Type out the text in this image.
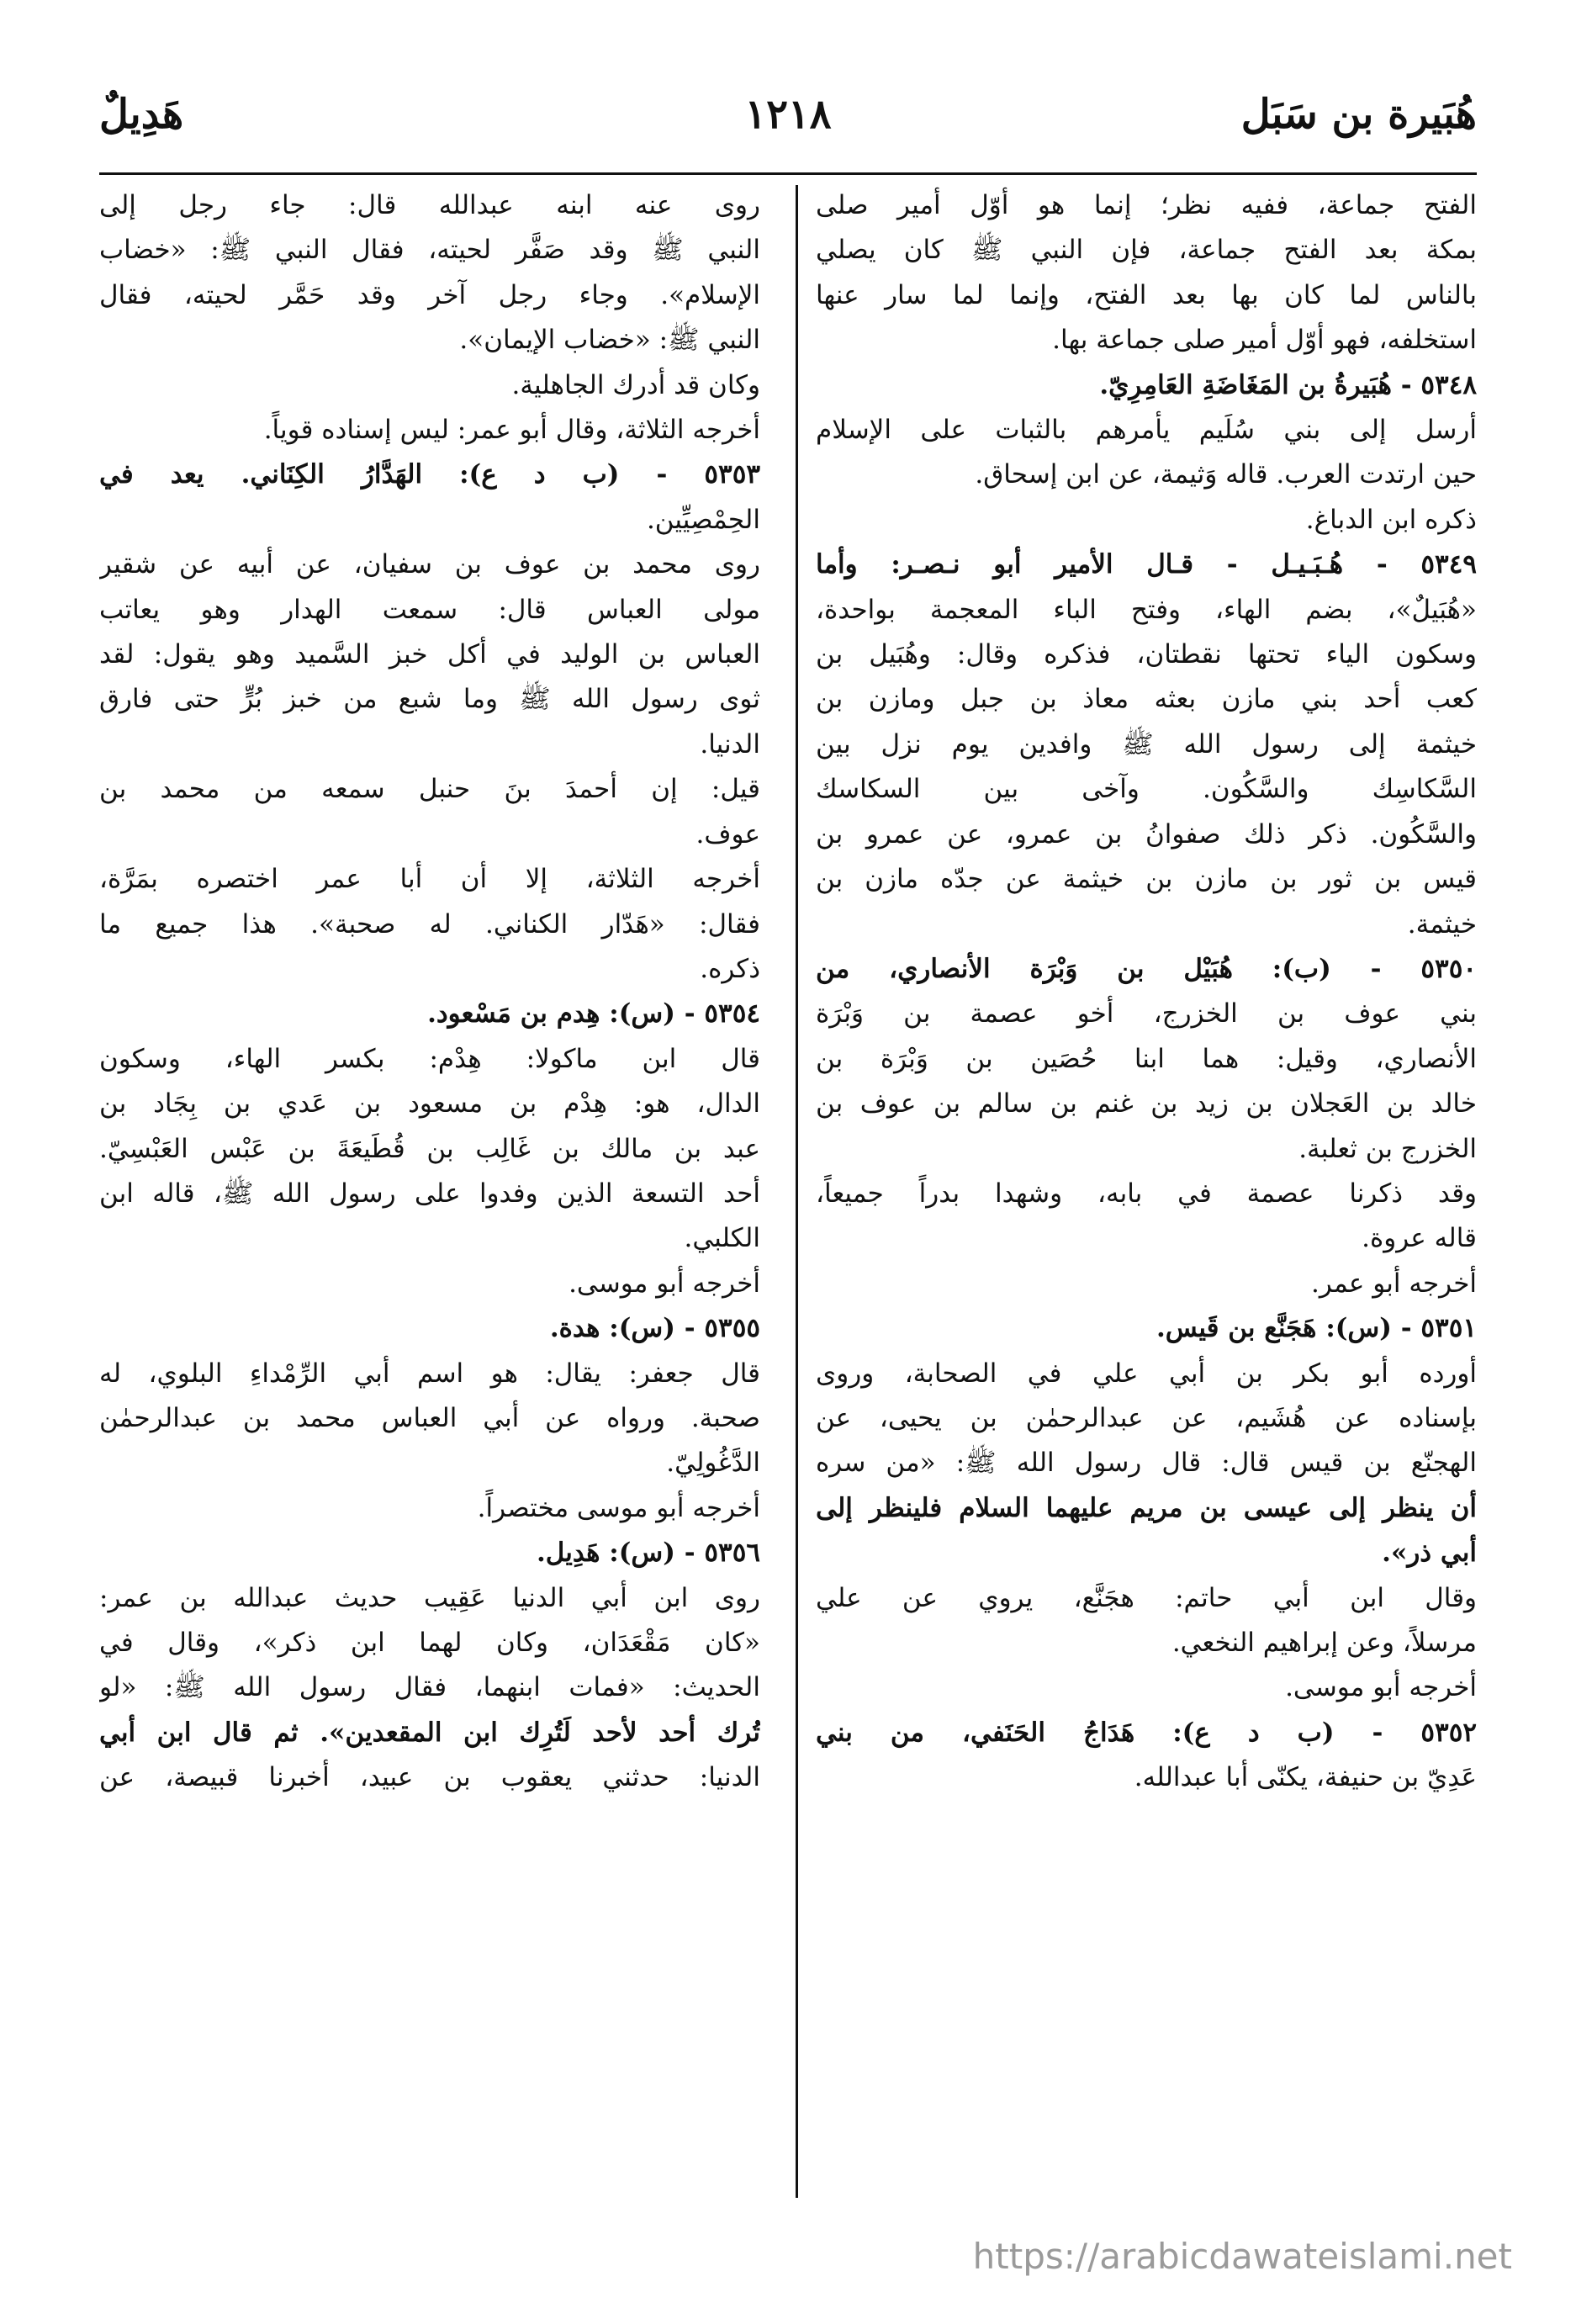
هُبَيرة بن سَبَل
١٢١٨
هَدِيلٌ
الفتح جماعة، ففيه نظر؛ إنما هو أوّل أمير صلى
بمكة بعد الفتح جماعة، فإن النبي ﷺ كان يصلي
بالناس لما كان بها بعد الفتح، وإنما لما سار عنها
استخلفه، فهو أوّل أمير صلى جماعة بها.
٥٣٤٨ - هُبَيرةُ بن المَغَاضَةِ العَامِرِيّ.
أرسل إلى بني سُلَيم يأمرهم بالثبات على الإسلام
حين ارتدت العرب. قاله وَثيمة، عن ابن إسحاق.
ذكره ابن الدباغ.
٥٣٤٩ - هُـبَـيـل - قـال الأمير أبو نـصـر: وأما
«هُبَيلٌ»، بضم الهاء، وفتح الباء المعجمة بواحدة،
وسكون الياء تحتها نقطتان، فذكره وقال: وهُبَيل بن
كعب أحد بني مازن بعثه معاذ بن جبل ومازن بن
خيثمة إلى رسول الله ﷺ وافدين يوم نزل بين
السَّكاسِك والسَّكُون. وآخى بين السكاسك
والسَّكُون. ذكر ذلك صفوانُ بن عمرو، عن عمرو بن
قيس بن ثور بن مازن بن خيثمة عن جدّه مازن بن
خيثمة.
٥٣٥٠ - (ب): هُبَيْل بن وَبْرَة الأنصاري، من
بني عوف بن الخزرج، أخو عصمة بن وَبْرَة
الأنصاري، وقيل: هما ابنا حُصَين بن وَبْرَة بن
خالد بن العَجلان بن زيد بن غنم بن سالم بن عوف بن
الخزرج بن ثعلبة.
وقد ذكرنا عصمة في بابه، وشهدا بدراً جميعاً،
قاله عروة.
أخرجه أبو عمر.
٥٣٥١ - (س): هَجَنَّع بن قَيس.
أورده أبو بكر بن أبي علي في الصحابة، وروى
بإسناده عن هُشَيم، عن عبدالرحمٰن بن يحيى، عن
الهجنّع بن قيس قال: قال رسول الله ﷺ: «من سره
أن ينظر إلى عيسى بن مريم عليهما السلام فلينظر إلى
أبي ذر».
وقال ابن أبي حاتم: هجَنَّع، يروي عن علي
مرسلاً، وعن إبراهيم النخعي.
أخرجه أبو موسى.
٥٣٥٢ - (ب د ع): هَدَاجُ الحَنَفي، من بني
عَدِيّ بن حنيفة، يكنّى أبا عبدالله.
روى عنه ابنه عبدالله قال: جاء رجل إلى
النبي ﷺ وقد صَفَّر لحيته، فقال النبي ﷺ: «خضاب
الإسلام». وجاء رجل آخر وقد حَمَّر لحيته، فقال
النبي ﷺ: «خضاب الإيمان».
وكان قد أدرك الجاهلية.
أخرجه الثلاثة، وقال أبو عمر: ليس إسناده قوياً.
٥٣٥٣ - (ب د ع): الهَدَّارُ الكِنَاني. يعد في
الحِمْصِيِّين.
روى محمد بن عوف بن سفيان، عن أبيه عن شقير
مولى العباس قال: سمعت الهدار وهو يعاتب
العباس بن الوليد في أكل خبز السَّميد وهو يقول: لقد
ثوى رسول الله ﷺ وما شبع من خبز بُرٍّ حتى فارق
الدنيا.
قيل: إن أحمدَ بنَ حنبل سمعه من محمد بن
عوف.
أخرجه الثلاثة، إلا أن أبا عمر اختصره بمَرَّة،
فقال: «هَدّار الكناني. له صحبة». هذا جميع ما
ذكره.
٥٣٥٤ - (س): هِدم بن مَسْعود.
قال ابن ماكولا: هِدْم: بكسر الهاء، وسكون
الدال، هو: هِدْم بن مسعود بن عَدي بن بِجَاد بن
عبد بن مالك بن غَالِب بن قُطَيعَةَ بن عَبْس العَبْسِيّ.
أحد التسعة الذين وفدوا على رسول الله ﷺ، قاله ابن
الكلبي.
أخرجه أبو موسى.
٥٣٥٥ - (س): هدة.
قال جعفر: يقال: هو اسم أبي الرِّمْداءِ البلوي، له
صحبة. ورواه عن أبي العباس محمد بن عبدالرحمٰن
الدَّغُولِيّ.
أخرجه أبو موسى مختصراً.
٥٣٥٦ - (س): هَدِيل.
روى ابن أبي الدنيا عَقِيب حديث عبدالله بن عمر:
«كان مَقْعَدَان، وكان لهما ابن ذكر»، وقال في
الحديث: «فمات ابنهما، فقال رسول الله ﷺ: «لو
تُرك أحد لأحد لَتُرِك ابن المقعدين». ثم قال ابن أبي
الدنيا: حدثني يعقوب بن عبيد، أخبرنا قبيصة، عن
https://arabicdawateislami.net
